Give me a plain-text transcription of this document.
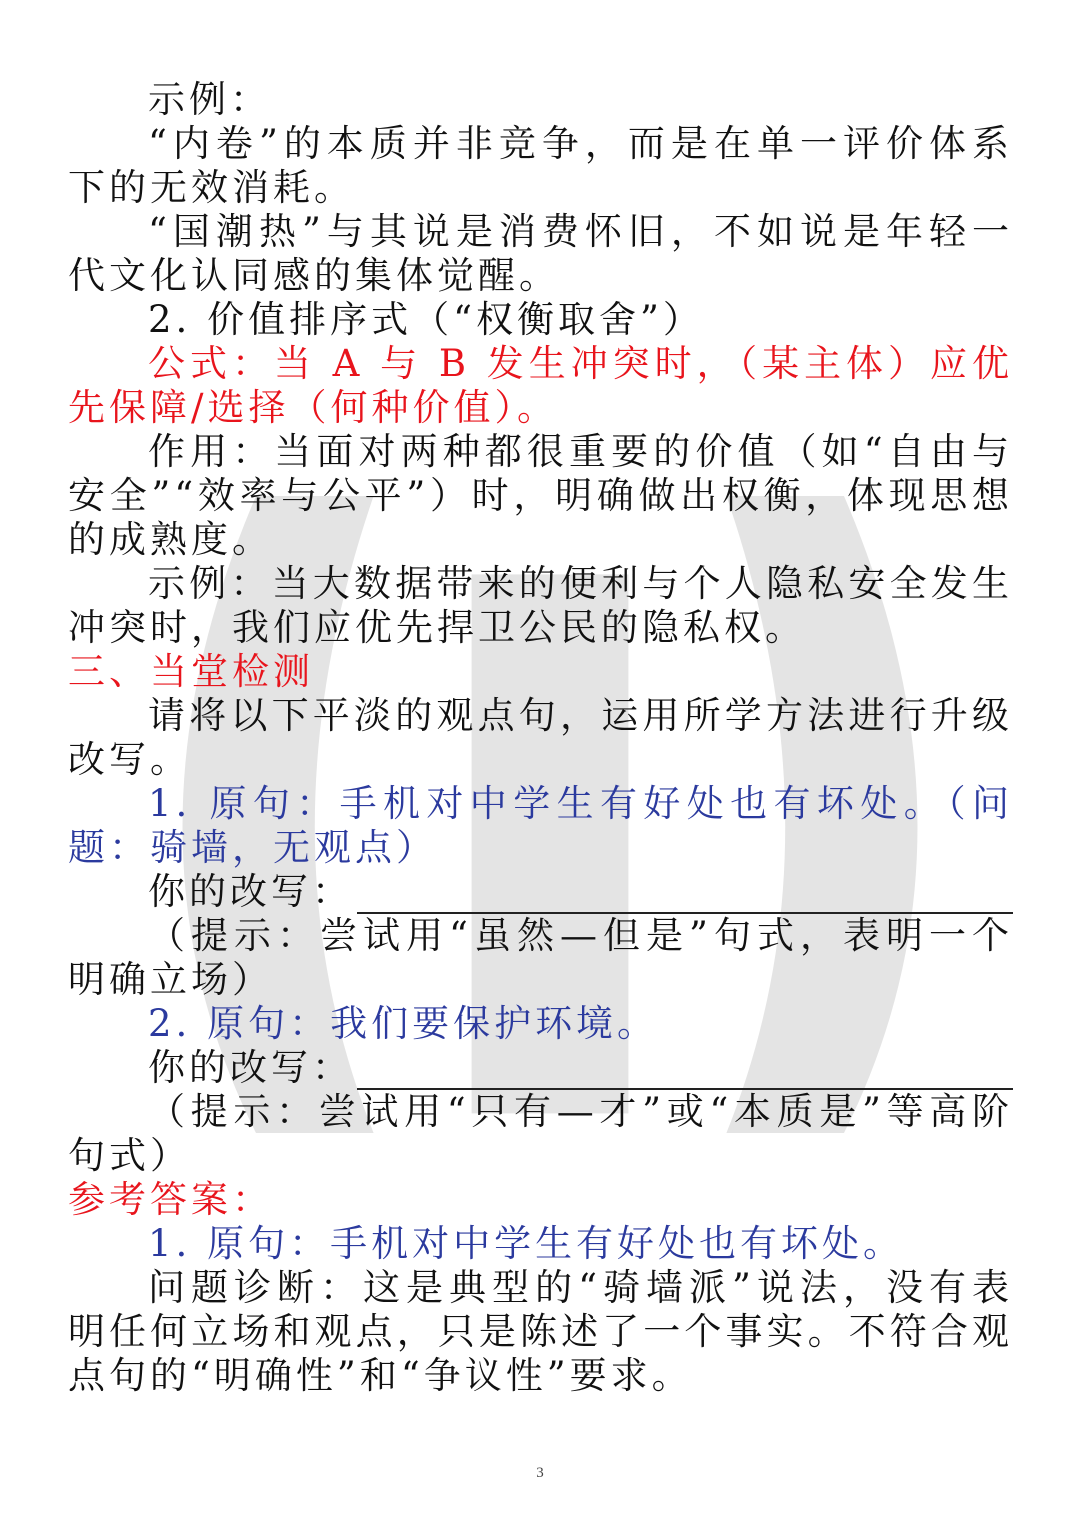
示例：

“内卷”的本质并非竞争，而是在单一评价体系下的无效消耗。

“国潮热”与其说是消费怀旧，不如说是年轻一代文化认同感的集体觉醒。

2. 价值排序式（“权衡取舍”）

公式：当 A 与 B 发生冲突时，（某主体）应优先保障/选择（何种价值）。

作用：当面对两种都很重要的价值（如“自由与安全”“效率与公平”）时，明确做出权衡，体现思想的成熟度。

示例：当大数据带来的便利与个人隐私安全发生冲突时，我们应优先捍卫公民的隐私权。

三、当堂检测

请将以下平淡的观点句，运用所学方法进行升级改写。

1. 原句：手机对中学生有好处也有坏处。（问题：骑墙，无观点）

你的改写：

（提示：尝试用“虽然—但是”句式，表明一个明确立场）

2. 原句：我们要保护环境。

你的改写：

（提示：尝试用“只有—才”或“本质是”等高阶句式）

参考答案：

1. 原句：手机对中学生有好处也有坏处。

问题诊断：这是典型的“骑墙派”说法，没有表明任何立场和观点，只是陈述了一个事实。不符合观点句的“明确性”和“争议性”要求。

3
